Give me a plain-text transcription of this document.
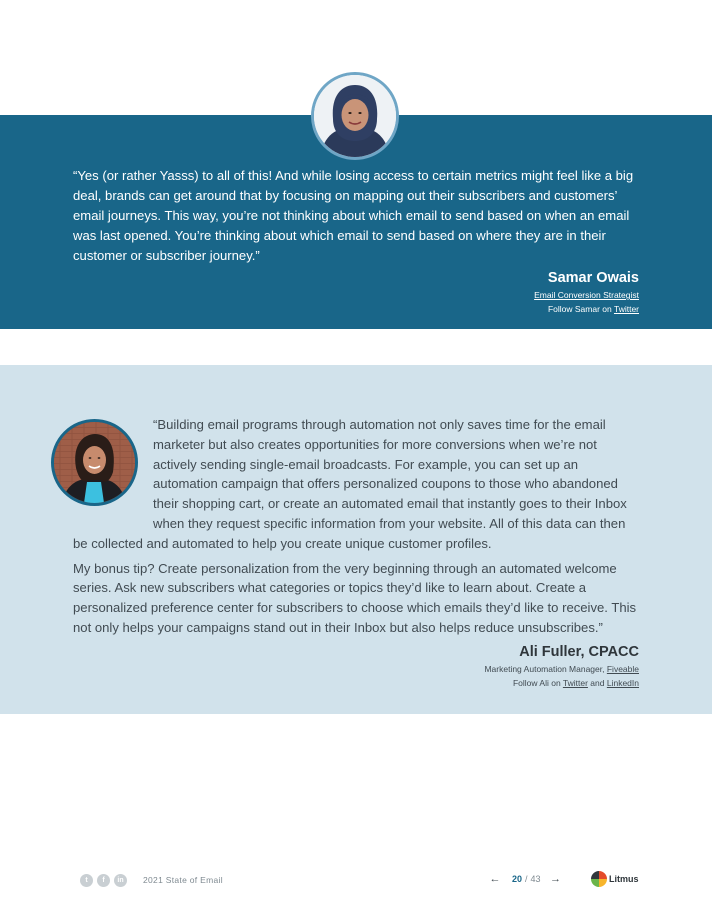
“Yes (or rather Yasss) to all of this! And while losing access to certain metrics might feel like a big deal, brands can get around that by focusing on mapping out their subscribers and customers’ email journeys. This way, you’re not thinking about which email to send based on when an email was last opened. You’re thinking about which email to send based on where they are in their customer or subscriber journey.”
Samar Owais
Email Conversion Strategist
Follow Samar on Twitter

“Building email programs through automation not only saves time for the email marketer but also creates opportunities for more conversions when we’re not actively sending single-email broadcasts. For example, you can set up an automation campaign that offers personalized coupons to those who abandoned their shopping cart, or create an automated email that instantly goes to their Inbox when they request specific information from your website. All of this data can then be collected and automated to help you create unique customer profiles.

My bonus tip? Create personalization from the very beginning through an automated welcome series. Ask new subscribers what categories or topics they’d like to learn about. Create a personalized preference center for subscribers to choose which emails they’d like to receive. This not only helps your campaigns stand out in their Inbox but also helps reduce unsubscribes.”

Ali Fuller, CPACC
Marketing Automation Manager, Fiveable
Follow Ali on Twitter and LinkedIn
t	f	in	2021 State of Email	← 20 / 43 →	Litmus
